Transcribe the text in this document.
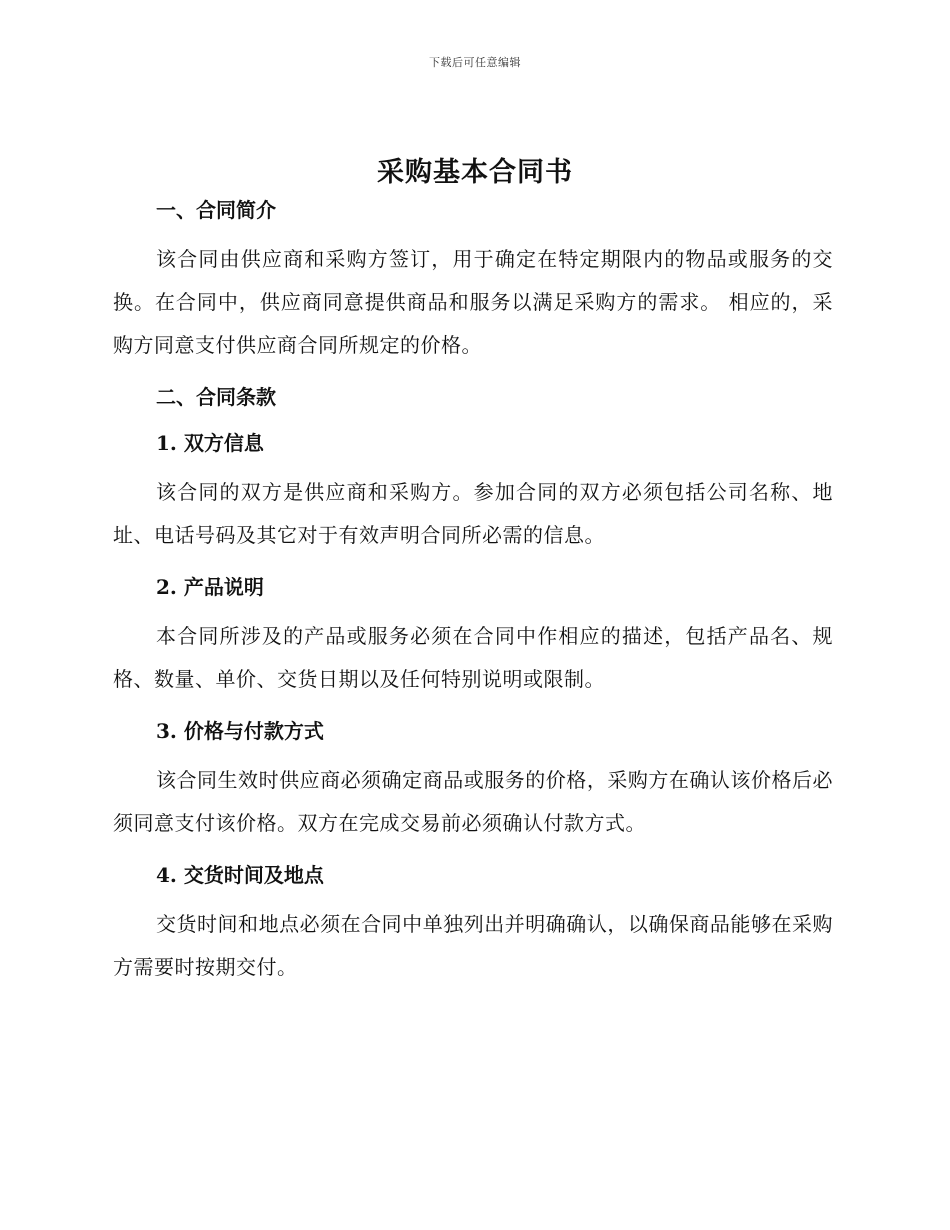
下载后可任意编辑
采购基本合同书

一、合同简介

该合同由供应商和采购方签订，用于确定在特定期限内的物品或服务的交换。在合同中，供应商同意提供商品和服务以满足采购方的需求。 相应的，采购方同意支付供应商合同所规定的价格。

二、合同条款

1. 双方信息

该合同的双方是供应商和采购方。参加合同的双方必须包括公司名称、地址、电话号码及其它对于有效声明合同所必需的信息。

2. 产品说明

本合同所涉及的产品或服务必须在合同中作相应的描述，包括产品名、规格、数量、单价、交货日期以及任何特别说明或限制。

3. 价格与付款方式

该合同生效时供应商必须确定商品或服务的价格，采购方在确认该价格后必须同意支付该价格。双方在完成交易前必须确认付款方式。

4. 交货时间及地点

交货时间和地点必须在合同中单独列出并明确确认，以确保商品能够在采购方需要时按期交付。
